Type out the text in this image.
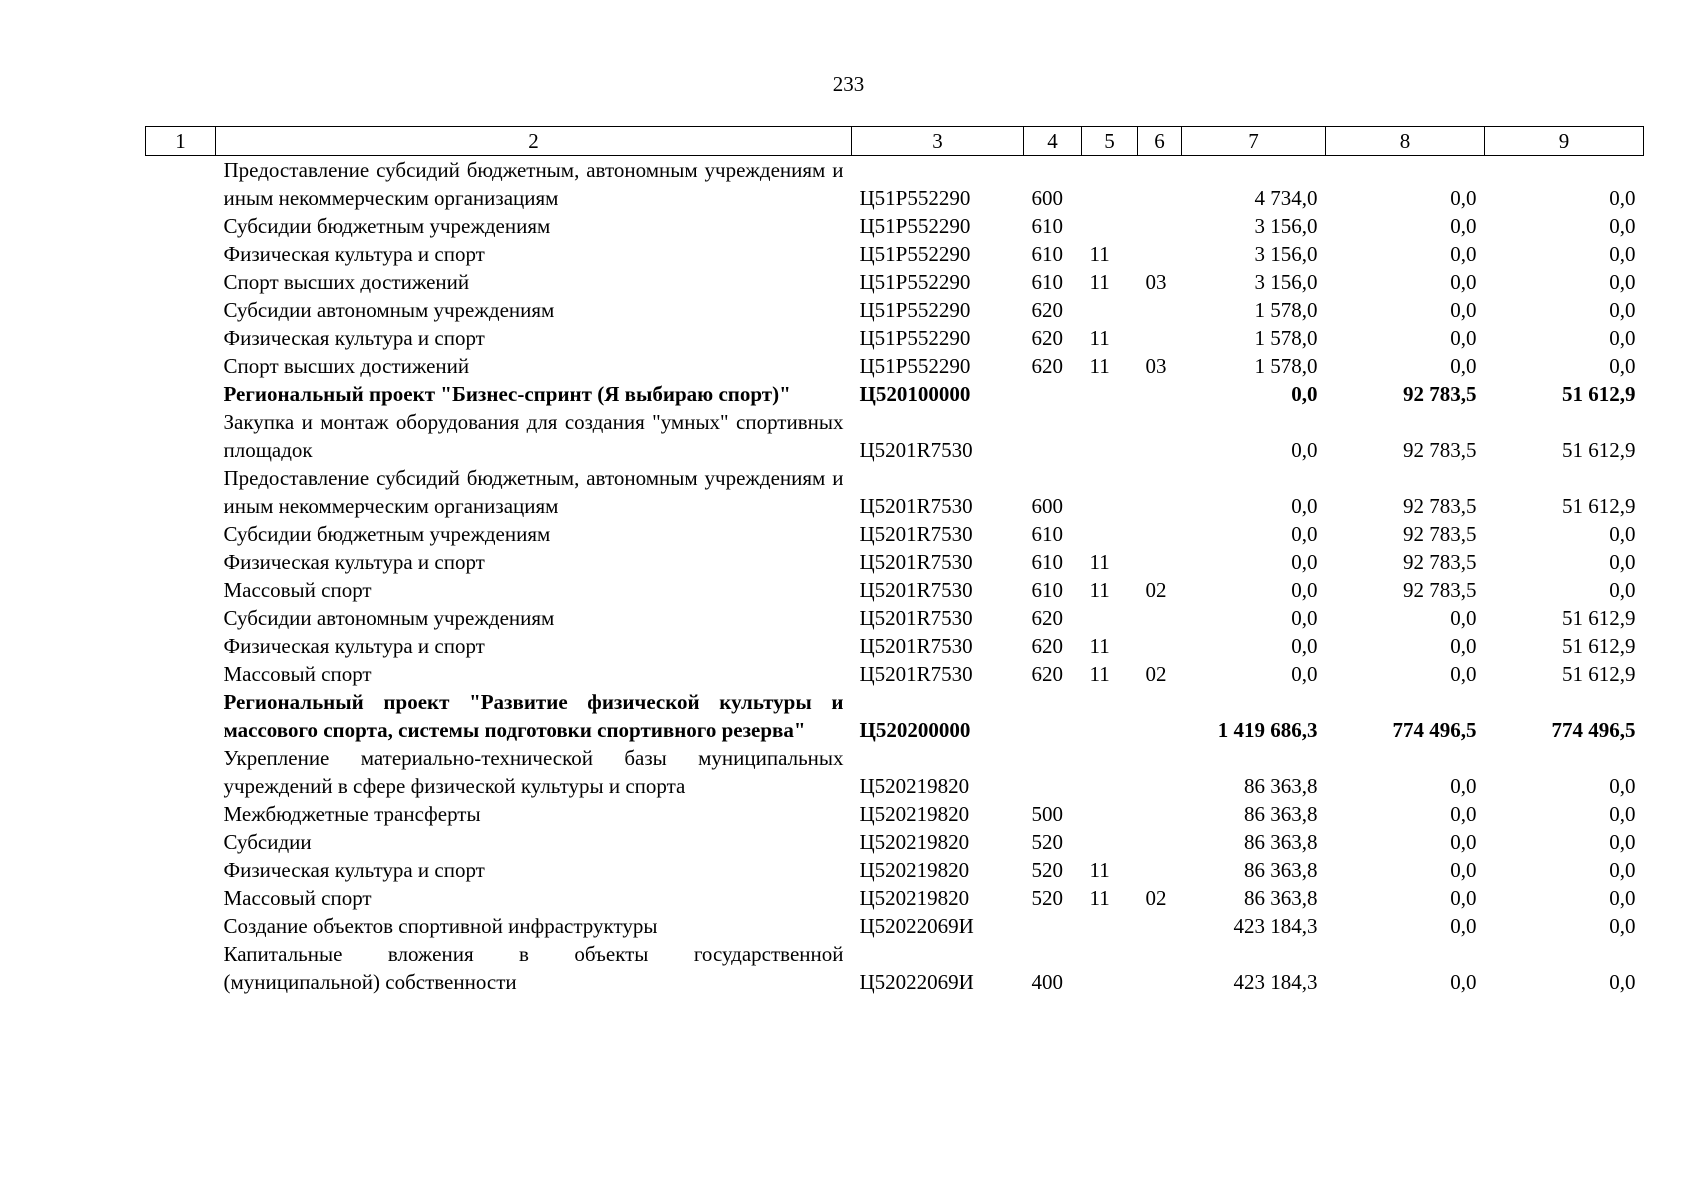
233
1	2	3	4	5	6	7	8	9

	Предоставление субсидий бюджетным, автономным учреждениям и иным некоммерческим организациям	Ц51Р552290	600			4 734,0	0,0	0,0

	Субсидии бюджетным учреждениям	Ц51Р552290	610			3 156,0	0,0	0,0

	Физическая культура и спорт	Ц51Р552290	610	11		3 156,0	0,0	0,0

	Спорт высших достижений	Ц51Р552290	610	11	03	3 156,0	0,0	0,0

	Субсидии автономным учреждениям	Ц51Р552290	620			1 578,0	0,0	0,0

	Физическая культура и спорт	Ц51Р552290	620	11		1 578,0	0,0	0,0

	Спорт высших достижений	Ц51Р552290	620	11	03	1 578,0	0,0	0,0

	Региональный проект "Бизнес-спринт (Я выбираю спорт)"	Ц520100000				0,0	92 783,5	51 612,9

	Закупка и монтаж оборудования для создания "умных" спортивных площадок	Ц5201R7530				0,0	92 783,5	51 612,9

	Предоставление субсидий бюджетным, автономным учреждениям и иным некоммерческим организациям	Ц5201R7530	600			0,0	92 783,5	51 612,9

	Субсидии бюджетным учреждениям	Ц5201R7530	610			0,0	92 783,5	0,0

	Физическая культура и спорт	Ц5201R7530	610	11		0,0	92 783,5	0,0

	Массовый спорт	Ц5201R7530	610	11	02	0,0	92 783,5	0,0

	Субсидии автономным учреждениям	Ц5201R7530	620			0,0	0,0	51 612,9

	Физическая культура и спорт	Ц5201R7530	620	11		0,0	0,0	51 612,9

	Массовый спорт	Ц5201R7530	620	11	02	0,0	0,0	51 612,9

	Региональный проект "Развитие физической культуры и массового спорта, системы подготовки спортивного резерва"	Ц520200000				1 419 686,3	774 496,5	774 496,5

	Укрепление материально-технической базы муниципальных учреждений в сфере физической культуры и спорта	Ц520219820				86 363,8	0,0	0,0

	Межбюджетные трансферты	Ц520219820	500			86 363,8	0,0	0,0

	Субсидии	Ц520219820	520			86 363,8	0,0	0,0

	Физическая культура и спорт	Ц520219820	520	11		86 363,8	0,0	0,0

	Массовый спорт	Ц520219820	520	11	02	86 363,8	0,0	0,0

	Создание объектов спортивной инфраструктуры	Ц52022069И				423 184,3	0,0	0,0

	Капитальные вложения в объекты государственной (муниципальной) собственности	Ц52022069И	400			423 184,3	0,0	0,0
